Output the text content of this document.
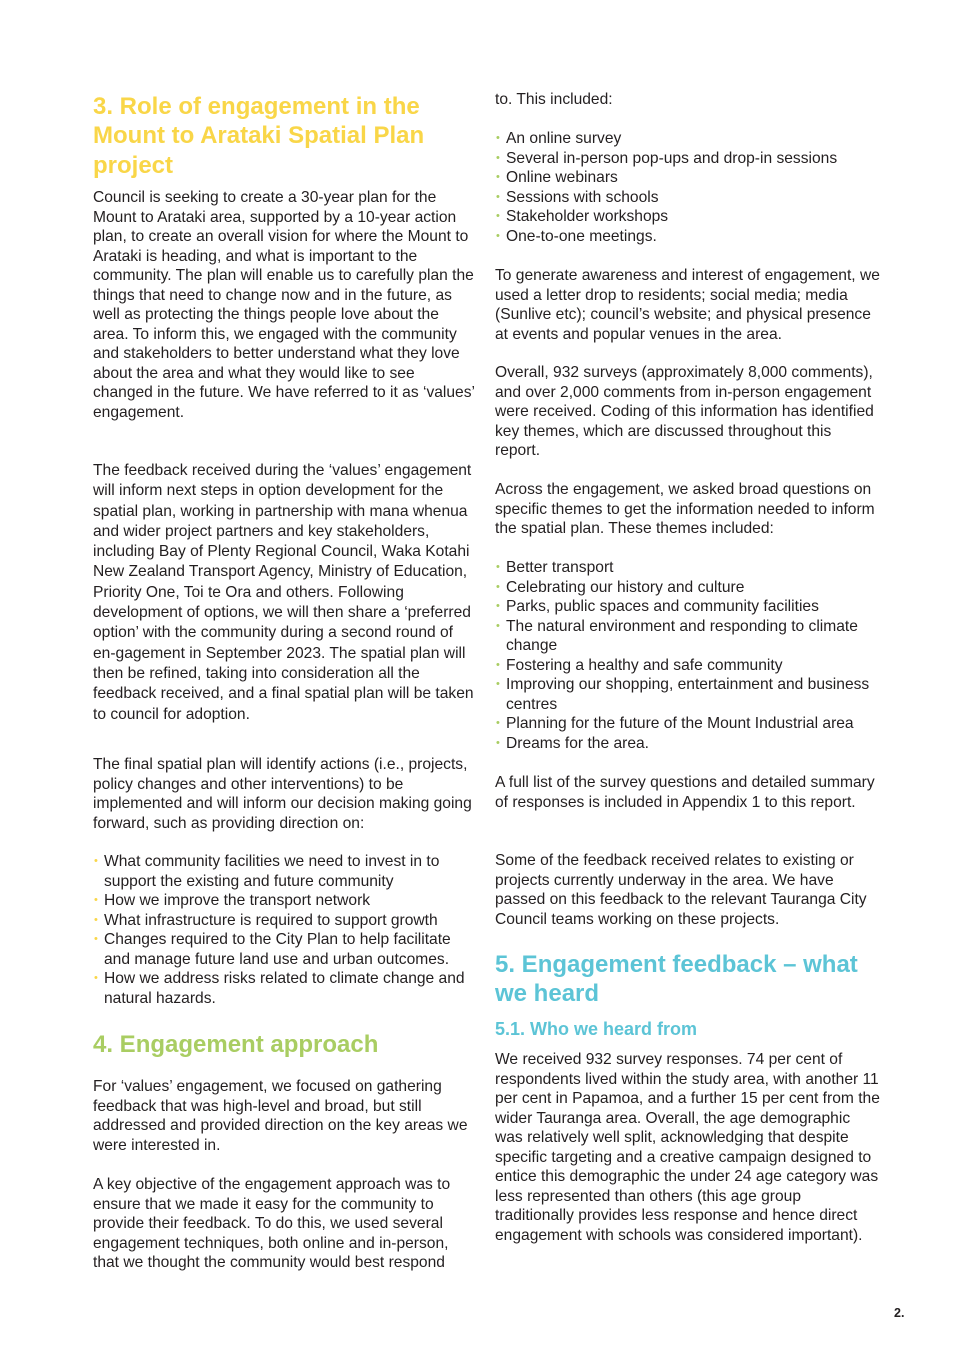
3. Role of engagement in the Mount to Arataki Spatial Plan project

Council is seeking to create a 30-year plan for the Mount to Arataki area, supported by a 10-year action plan, to create an overall vision for where the Mount to Arataki is heading, and what is important to the community. The plan will enable us to carefully plan the things that need to change now and in the future, as well as protecting the things people love about the area. To inform this, we engaged with the community and stakeholders to better understand what they love about the area and what they would like to see changed in the future. We have referred to it as ‘values’ engagement.

The feedback received during the ‘values’ engagement will inform next steps in option development for the spatial plan, working in partnership with mana whenua and wider project partners and key stakeholders, including Bay of Plenty Regional Council, Waka Kotahi New Zealand Transport Agency, Ministry of Education, Priority One, Toi te Ora and others. Following development of options, we will then share a ‘preferred option’ with the community during a second round of en-gagement in September 2023. The spatial plan will then be refined, taking into consideration all the feedback received, and a final spatial plan will be taken to council for adoption.

The final spatial plan will identify actions (i.e., projects, policy changes and other interventions) to be implemented and will inform our decision making going forward, such as providing direction on:

• What community facilities we need to invest in to support the existing and future community
• How we improve the transport network
• What infrastructure is required to support growth
• Changes required to the City Plan to help facilitate and manage future land use and urban outcomes.
• How we address risks related to climate change and natural hazards.
4. Engagement approach

For ‘values’ engagement, we focused on gathering feedback that was high-level and broad, but still addressed and provided direction on the key areas we were interested in.

A key objective of the engagement approach was to ensure that we made it easy for the community to provide their feedback. To do this, we used several engagement techniques, both online and in-person, that we thought the community would best respond

to. This included:

• An online survey
• Several in-person pop-ups and drop-in sessions
• Online webinars
• Sessions with schools
• Stakeholder workshops
• One-to-one meetings.

To generate awareness and interest of engagement, we used a letter drop to residents; social media; media (Sunlive etc); council’s website; and physical presence at events and popular venues in the area.

Overall, 932 surveys (approximately 8,000 comments), and over 2,000 comments from in-person engagement were received. Coding of this information has identified key themes, which are discussed throughout this report.

Across the engagement, we asked broad questions on specific themes to get the information needed to inform the spatial plan. These themes included:

• Better transport
• Celebrating our history and culture
• Parks, public spaces and community facilities
• The natural environment and responding to climate change
• Fostering a healthy and safe community
• Improving our shopping, entertainment and business centres
• Planning for the future of the Mount Industrial area
• Dreams for the area.

A full list of the survey questions and detailed summary of responses is included in Appendix 1 to this report.

Some of the feedback received relates to existing or projects currently underway in the area. We have passed on this feedback to the relevant Tauranga City Council teams working on these projects.

5. Engagement feedback – what we heard
5.1. Who we heard from

We received 932 survey responses. 74 per cent of respondents lived within the study area, with another 11 per cent in Papamoa, and a further 15 per cent from the wider Tauranga area. Overall, the age demographic was relatively well split, acknowledging that despite specific targeting and a creative campaign designed to entice this demographic the under 24 age category was less represented than others (this age group traditionally provides less response and hence direct engagement with schools was considered important).

2.
